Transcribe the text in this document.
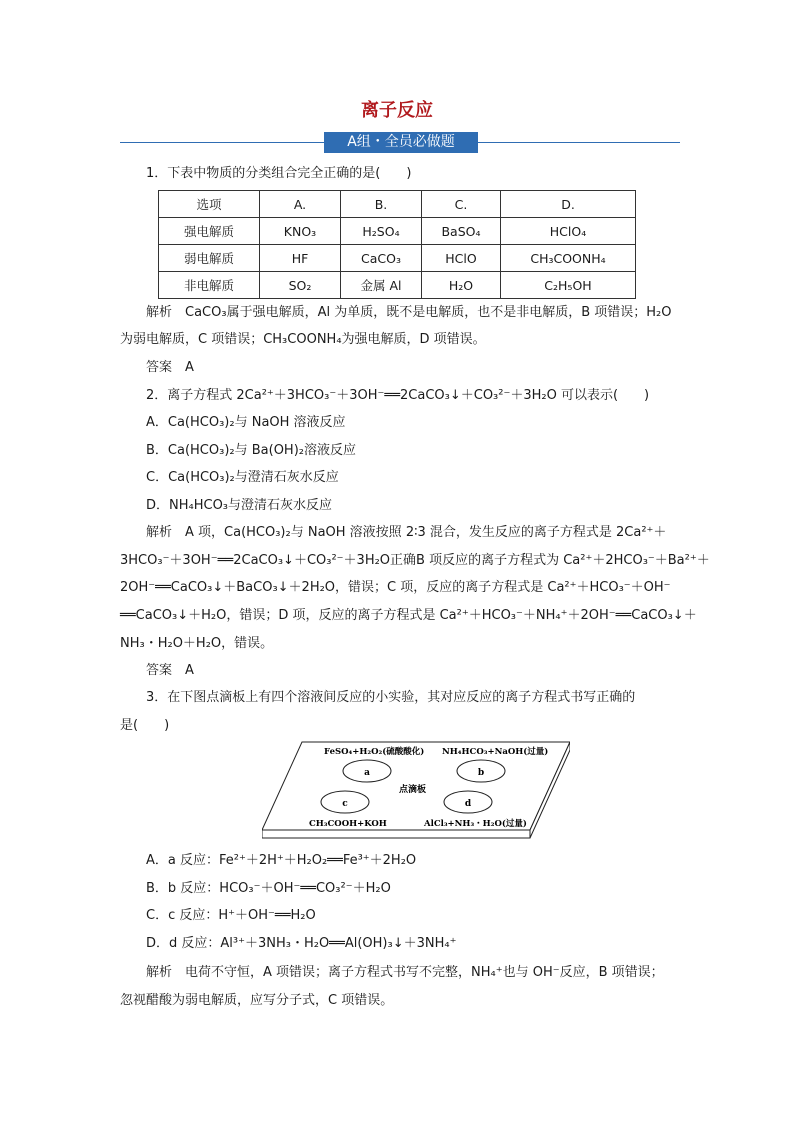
离子反应
A组・全员必做题
1．下表中物质的分类组合完全正确的是(　　)
选项	A.	B.	C.	D.
强电解质	KNO₃	H₂SO₄	BaSO₄	HClO₄
弱电解质	HF	CaCO₃	HClO	CH₃COONH₄
非电解质	SO₂	金属 Al	H₂O	C₂H₅OH
解析　CaCO₃属于强电解质，Al 为单质，既不是电解质，也不是非电解质，B 项错误；H₂O
为弱电解质，C 项错误；CH₃COONH₄为强电解质，D 项错误。
答案　A
2．离子方程式 2Ca²⁺＋3HCO₃⁻＋3OH⁻══2CaCO₃↓＋CO₃²⁻＋3H₂O 可以表示(　　)
A．Ca(HCO₃)₂与 NaOH 溶液反应
B．Ca(HCO₃)₂与 Ba(OH)₂溶液反应
C．Ca(HCO₃)₂与澄清石灰水反应
D．NH₄HCO₃与澄清石灰水反应
解析　A 项，Ca(HCO₃)₂与 NaOH 溶液按照 2∶3 混合，发生反应的离子方程式是 2Ca²⁺＋
3HCO₃⁻＋3OH⁻══2CaCO₃↓＋CO₃²⁻＋3H₂O正确B 项反应的离子方程式为 Ca²⁺＋2HCO₃⁻＋Ba²⁺＋
2OH⁻══CaCO₃↓＋BaCO₃↓＋2H₂O，错误；C 项，反应的离子方程式是 Ca²⁺＋HCO₃⁻＋OH⁻
══CaCO₃↓＋H₂O，错误；D 项，反应的离子方程式是 Ca²⁺＋HCO₃⁻＋NH₄⁺＋2OH⁻══CaCO₃↓＋
NH₃・H₂O＋H₂O，错误。
答案　A
3．在下图点滴板上有四个溶液间反应的小实验，其对应反应的离子方程式书写正确的
是(　　)
a	b
c	d
FeSO₄+H₂O₂(硫酸酸化) NH₄HCO₃+NaOH(过量)
点滴板
CH₃COOH+KOH	AlCl₃+NH₃・H₂O(过量)
A．a 反应：Fe²⁺＋2H⁺＋H₂O₂══Fe³⁺＋2H₂O
B．b 反应：HCO₃⁻＋OH⁻══CO₃²⁻＋H₂O
C．c 反应：H⁺＋OH⁻══H₂O
D．d 反应：Al³⁺＋3NH₃・H₂O══Al(OH)₃↓＋3NH₄⁺
解析　电荷不守恒，A 项错误；离子方程式书写不完整，NH₄⁺也与 OH⁻反应，B 项错误；
忽视醋酸为弱电解质，应写分子式，C 项错误。
